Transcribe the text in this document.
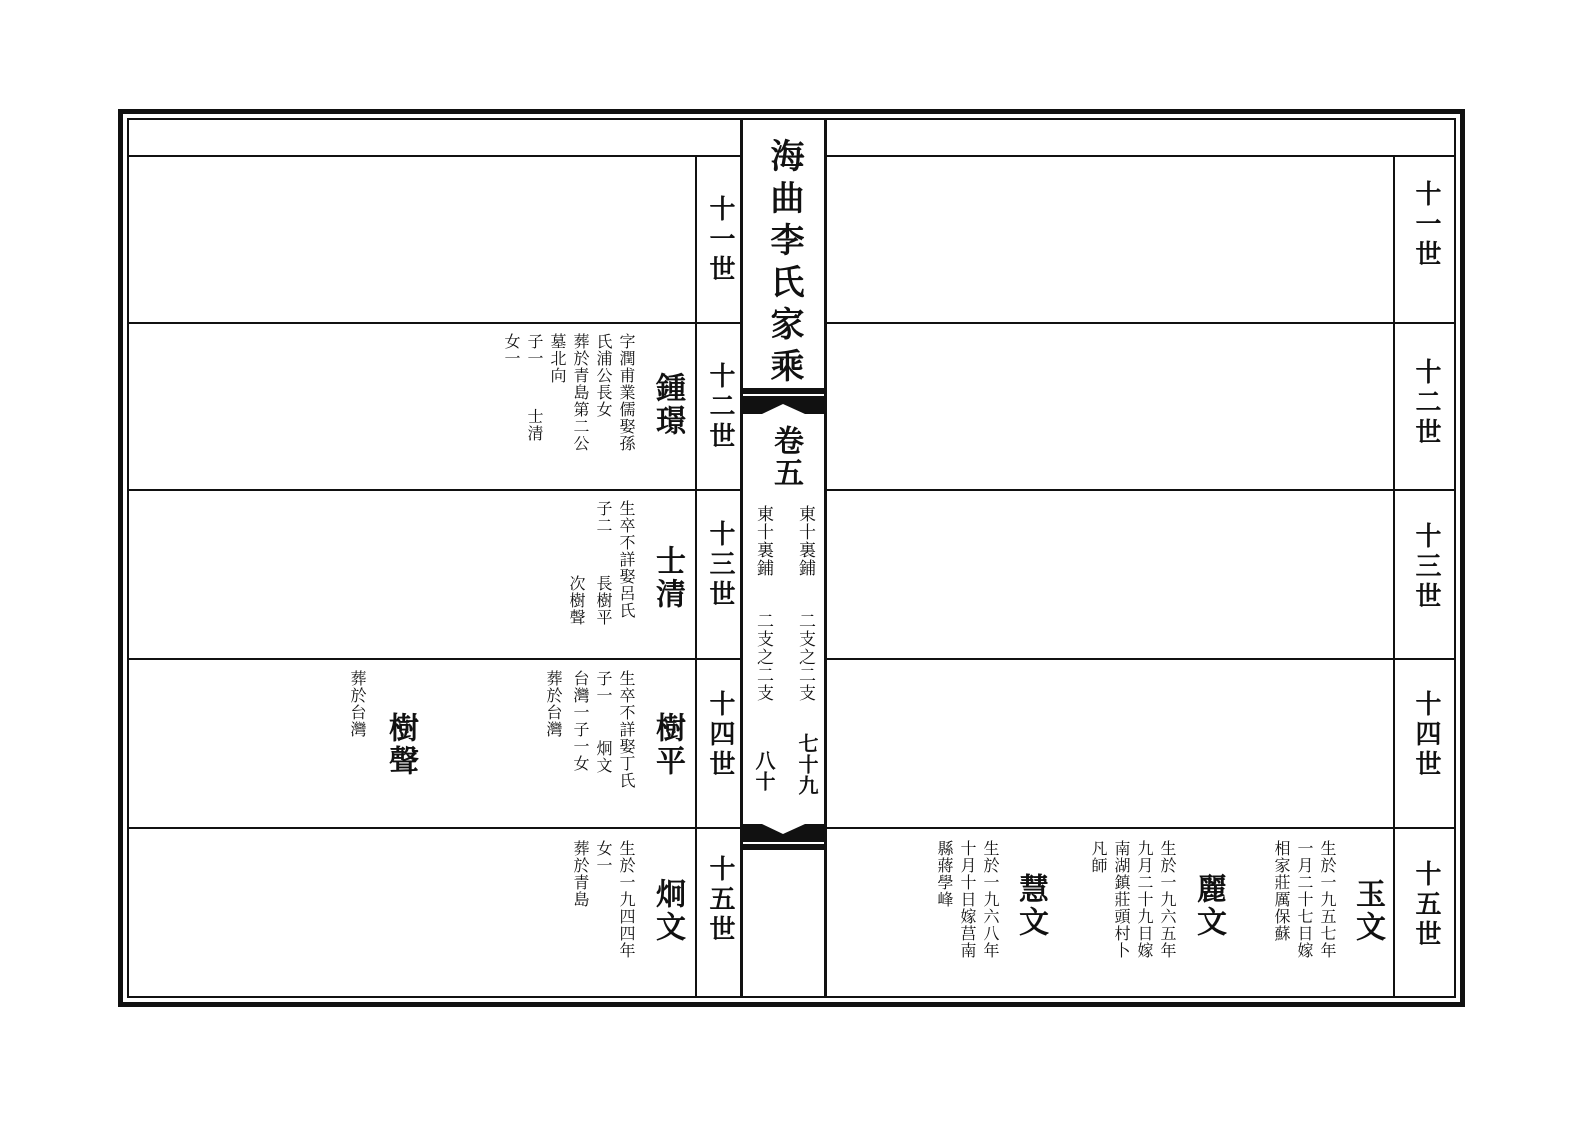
海曲李氏家乘
卷五
東十裏鋪
二支之二支
七十九
東十裏鋪
二支之二支
八十
十一世
十二世
十三世
十四世
十五世
十一世
十二世
十三世
十四世
十五世
鍾璟
字潤甫業儒娶孫
氏浦公長女
葬於青島第二公
墓北向
子一
士清
女一
士清
生卒不詳娶呂氏
子二
長樹平
次樹聲
樹平
生卒不詳娶丁氏
子一
炯文
台灣一子一女
葬於台灣
樹聲
葬於台灣
炯文
生於一九四四年
女一
葬於青島
玉文
生於一九五七年
一月二十七日嫁
相家莊厲保蘇
麗文
生於一九六五年
九月二十九日嫁
南湖鎮莊頭村卜
凡師
慧文
生於一九六八年
十月十日嫁莒南
縣蔣學峰
